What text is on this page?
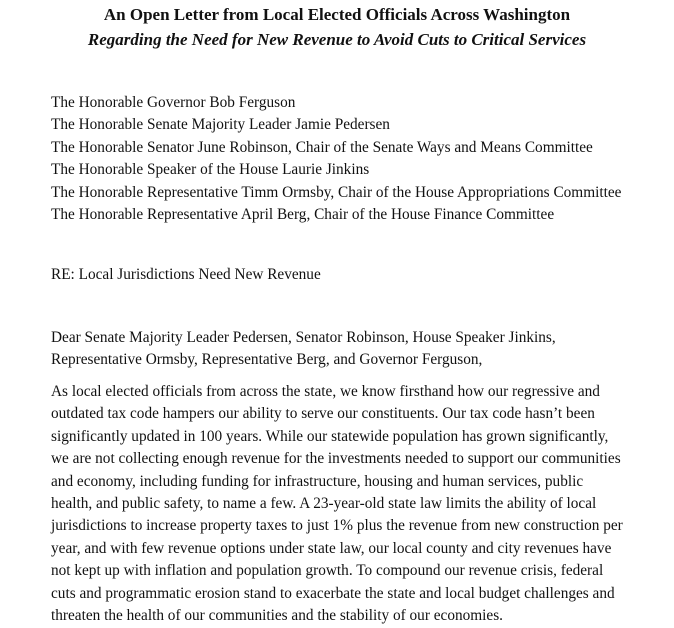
An Open Letter from Local Elected Officials Across Washington
Regarding the Need for New Revenue to Avoid Cuts to Critical Services
The Honorable Governor Bob Ferguson
The Honorable Senate Majority Leader Jamie Pedersen
The Honorable Senator June Robinson, Chair of the Senate Ways and Means Committee
The Honorable Speaker of the House Laurie Jinkins
The Honorable Representative Timm Ormsby, Chair of the House Appropriations Committee
The Honorable Representative April Berg, Chair of the House Finance Committee

RE: Local Jurisdictions Need New Revenue

Dear Senate Majority Leader Pedersen, Senator Robinson, House Speaker Jinkins,
Representative Ormsby, Representative Berg, and Governor Ferguson,

As local elected officials from across the state, we know firsthand how our regressive and
outdated tax code hampers our ability to serve our constituents. Our tax code hasn’t been
significantly updated in 100 years. While our statewide population has grown significantly,
we are not collecting enough revenue for the investments needed to support our communities
and economy, including funding for infrastructure, housing and human services, public
health, and public safety, to name a few. A 23-year-old state law limits the ability of local
jurisdictions to increase property taxes to just 1% plus the revenue from new construction per
year, and with few revenue options under state law, our local county and city revenues have
not kept up with inflation and population growth. To compound our revenue crisis, federal
cuts and programmatic erosion stand to exacerbate the state and local budget challenges and
threaten the health of our communities and the stability of our economies.
